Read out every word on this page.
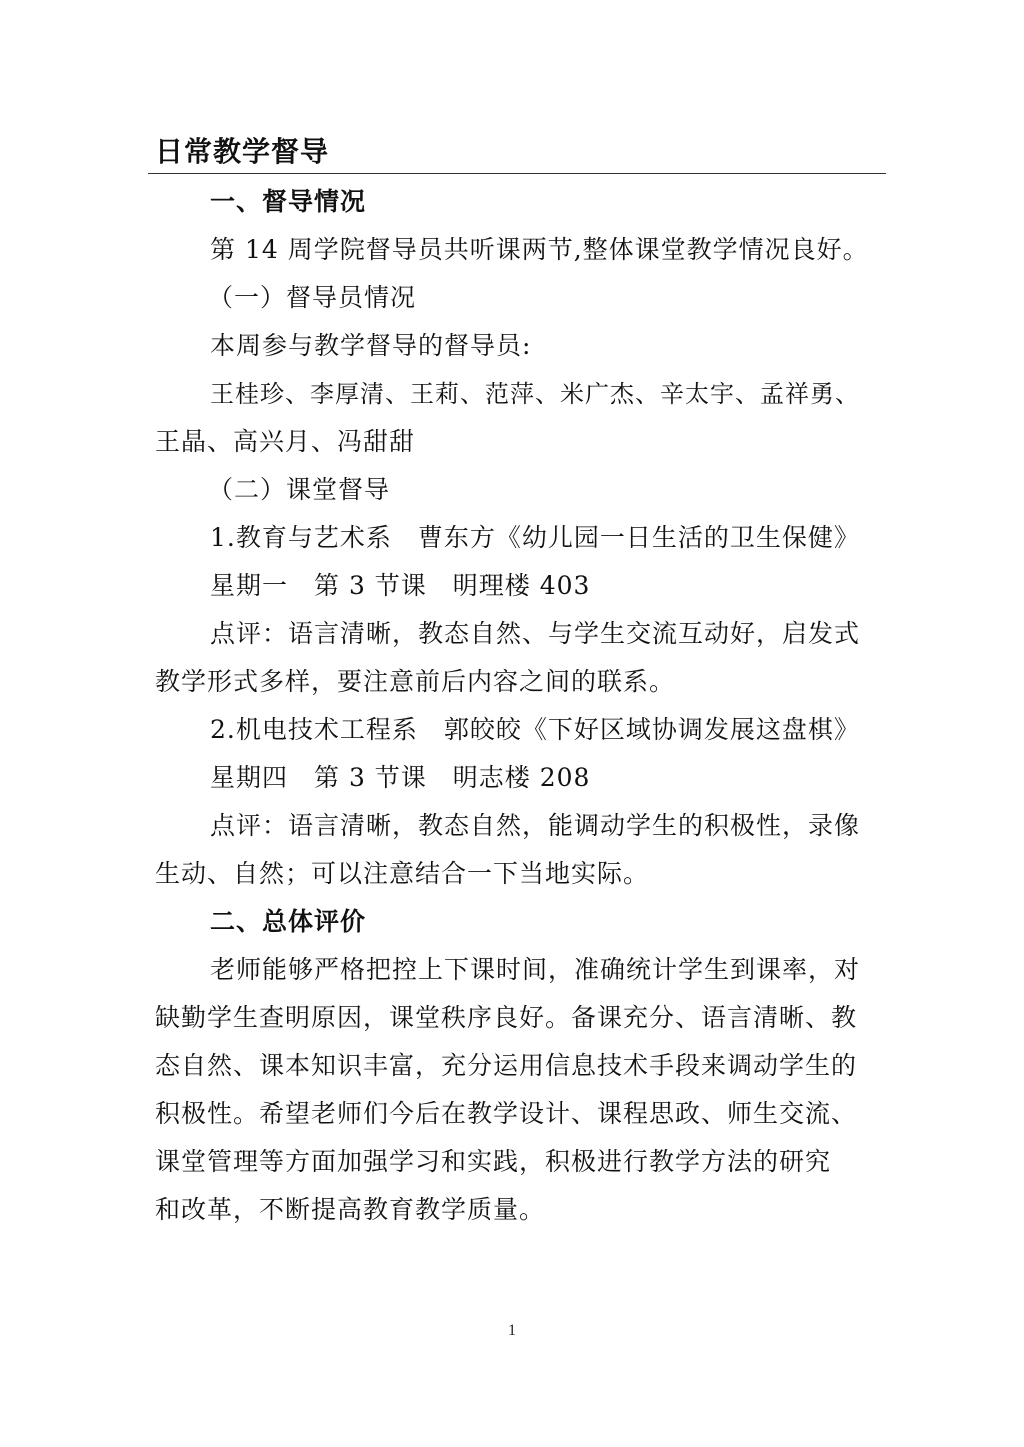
日常教学督导
一、督导情况
第 14 周学院督导员共听课两节,整体课堂教学情况良好。
（一）督导员情况
本周参与教学督导的督导员:
王桂珍、李厚清、王莉、范萍、米广杰、辛太宇、孟祥勇、
王晶、高兴月、冯甜甜
（二）课堂督导
1.教育与艺术系　曹东方《幼儿园一日生活的卫生保健》
星期一　第 3 节课　明理楼 403
点评：语言清晰，教态自然、与学生交流互动好，启发式
教学形式多样，要注意前后内容之间的联系。
2.机电技术工程系　郭皎皎《下好区域协调发展这盘棋》
星期四　第 3 节课　明志楼 208
点评：语言清晰，教态自然，能调动学生的积极性，录像
生动、自然；可以注意结合一下当地实际。
二、总体评价
老师能够严格把控上下课时间，准确统计学生到课率，对
缺勤学生查明原因，课堂秩序良好。备课充分、语言清晰、教
态自然、课本知识丰富，充分运用信息技术手段来调动学生的
积极性。希望老师们今后在教学设计、课程思政、师生交流、
课堂管理等方面加强学习和实践，积极进行教学方法的研究
和改革，不断提高教育教学质量。
1
